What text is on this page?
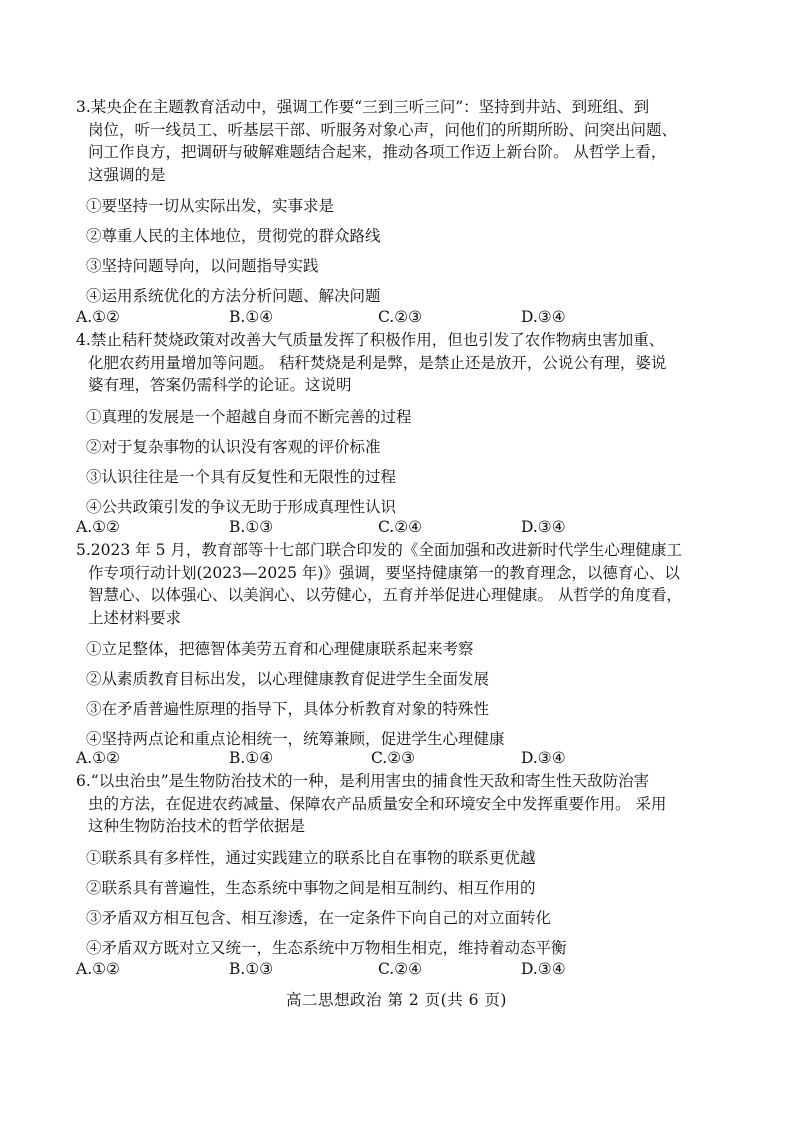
3.某央企在主题教育活动中，强调工作要“三到三听三问”：坚持到井站、到班组、到
岗位，听一线员工、听基层干部、听服务对象心声，问他们的所期所盼、问突出问题、
问工作良方，把调研与破解难题结合起来，推动各项工作迈上新台阶。 从哲学上看，
这强调的是
①要坚持一切从实际出发，实事求是
②尊重人民的主体地位，贯彻党的群众路线
③坚持问题导向，以问题指导实践
④运用系统优化的方法分析问题、解决问题
A.①②	B.①④	C.②③	D.③④
4.禁止秸秆焚烧政策对改善大气质量发挥了积极作用，但也引发了农作物病虫害加重、
化肥农药用量增加等问题。 秸秆焚烧是利是弊，是禁止还是放开，公说公有理，婆说
婆有理，答案仍需科学的论证。这说明
①真理的发展是一个超越自身而不断完善的过程
②对于复杂事物的认识没有客观的评价标准
③认识往往是一个具有反复性和无限性的过程
④公共政策引发的争议无助于形成真理性认识
A.①②	B.①③	C.②④	D.③④
5.2023 年 5 月，教育部等十七部门联合印发的《全面加强和改进新时代学生心理健康工
作专项行动计划(2023—2025 年)》强调，要坚持健康第一的教育理念，以德育心、以
智慧心、以体强心、以美润心、以劳健心，五育并举促进心理健康。 从哲学的角度看，
上述材料要求
①立足整体，把德智体美劳五育和心理健康联系起来考察
②从素质教育目标出发，以心理健康教育促进学生全面发展
③在矛盾普遍性原理的指导下，具体分析教育对象的特殊性
④坚持两点论和重点论相统一，统筹兼顾，促进学生心理健康
A.①②	B.①④	C.②③	D.③④
6.“以虫治虫”是生物防治技术的一种，是利用害虫的捕食性天敌和寄生性天敌防治害
虫的方法，在促进农药减量、保障农产品质量安全和环境安全中发挥重要作用。 采用
这种生物防治技术的哲学依据是
①联系具有多样性，通过实践建立的联系比自在事物的联系更优越
②联系具有普遍性，生态系统中事物之间是相互制约、相互作用的
③矛盾双方相互包含、相互渗透，在一定条件下向自己的对立面转化
④矛盾双方既对立又统一，生态系统中万物相生相克，维持着动态平衡
A.①②	B.①③	C.②④	D.③④
高二思想政治 第 2 页(共 6 页)
